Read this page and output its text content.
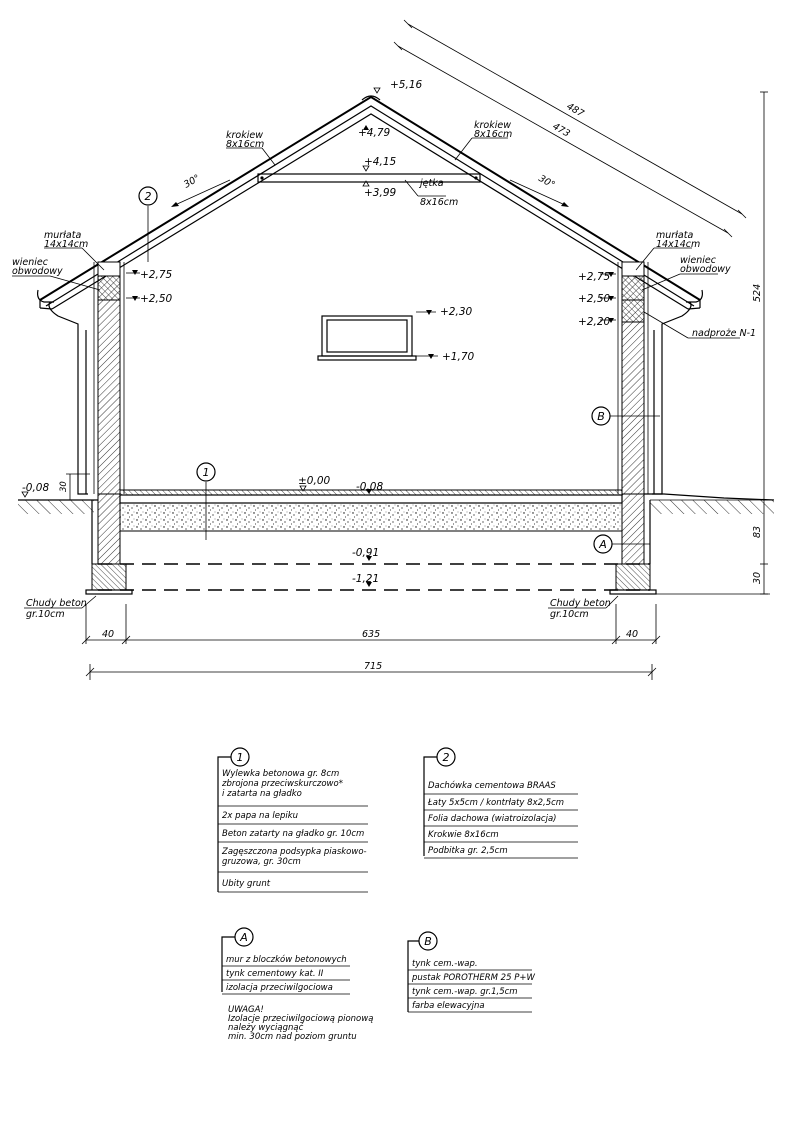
2
1
B
A
+5,16
+4,79
+4,15
+3,99
+2,75
+2,50
+2,75
+2,50
+2,20
+2,30
+1,70
±0,00 -0,08
-0,08
-0,91
-1,21
krokiew
8x16cm
krokiew
8x16cm
jętka
8x16cm
murłata
14x14cm
wieniec
obwodowy
murłata
14x14cm
wieniec
obwodowy
nadproże N-1
Chudy beton
gr.10cm
Chudy beton
gr.10cm
30°	30°
30
487
473
524
83
30
40	635	40
715
1
Wylewka betonowa gr. 8cm
zbrojona przeciwskurczowo*
i zatarta na gładko
2x papa na lepiku
Beton zatarty na gładko gr. 10cm
Zagęszczona podsypka piaskowo-
gruzowa, gr. 30cm
Ubity grunt
2
Dachówka cementowa BRAAS
Łaty 5x5cm / kontrłaty 8x2,5cm
Folia dachowa (wiatroizolacja)
Krokwie 8x16cm
Podbitka gr. 2,5cm
A
mur z bloczków betonowych
tynk cementowy kat. II
izolacja przeciwilgociowa
UWAGA!
Izolacje przeciwilgociową pionową
należy wyciągnąć
min. 30cm nad poziom gruntu
B
tynk cem.-wap.
pustak POROTHERM 25 P+W
tynk cem.-wap. gr.1,5cm
farba elewacyjna
